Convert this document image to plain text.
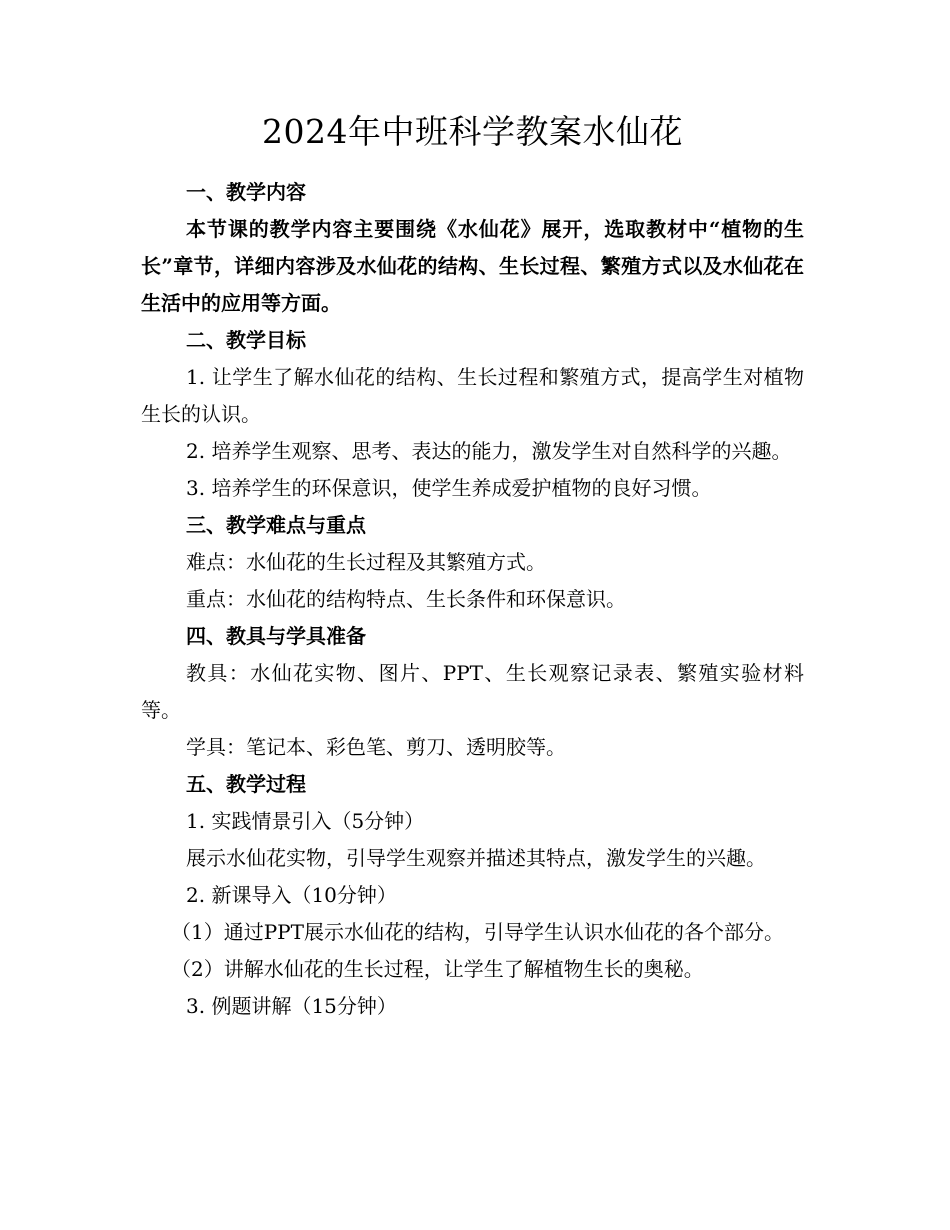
2024年中班科学教案水仙花

一、教学内容

本节课的教学内容主要围绕《水仙花》展开，选取教材中“植物的生长”章节，详细内容涉及水仙花的结构、生长过程、繁殖方式以及水仙花在生活中的应用等方面。

二、教学目标

1. 让学生了解水仙花的结构、生长过程和繁殖方式，提高学生对植物生长的认识。

2. 培养学生观察、思考、表达的能力，激发学生对自然科学的兴趣。

3. 培养学生的环保意识，使学生养成爱护植物的良好习惯。

三、教学难点与重点

难点：水仙花的生长过程及其繁殖方式。

重点：水仙花的结构特点、生长条件和环保意识。

四、教具与学具准备

教具：水仙花实物、图片、PPT、生长观察记录表、繁殖实验材料等。

学具：笔记本、彩色笔、剪刀、透明胶等。

五、教学过程

1. 实践情景引入（5分钟）

展示水仙花实物，引导学生观察并描述其特点，激发学生的兴趣。

2. 新课导入（10分钟）

（1）通过PPT展示水仙花的结构，引导学生认识水仙花的各个部分。

（2）讲解水仙花的生长过程，让学生了解植物生长的奥秘。

3. 例题讲解（15分钟）
